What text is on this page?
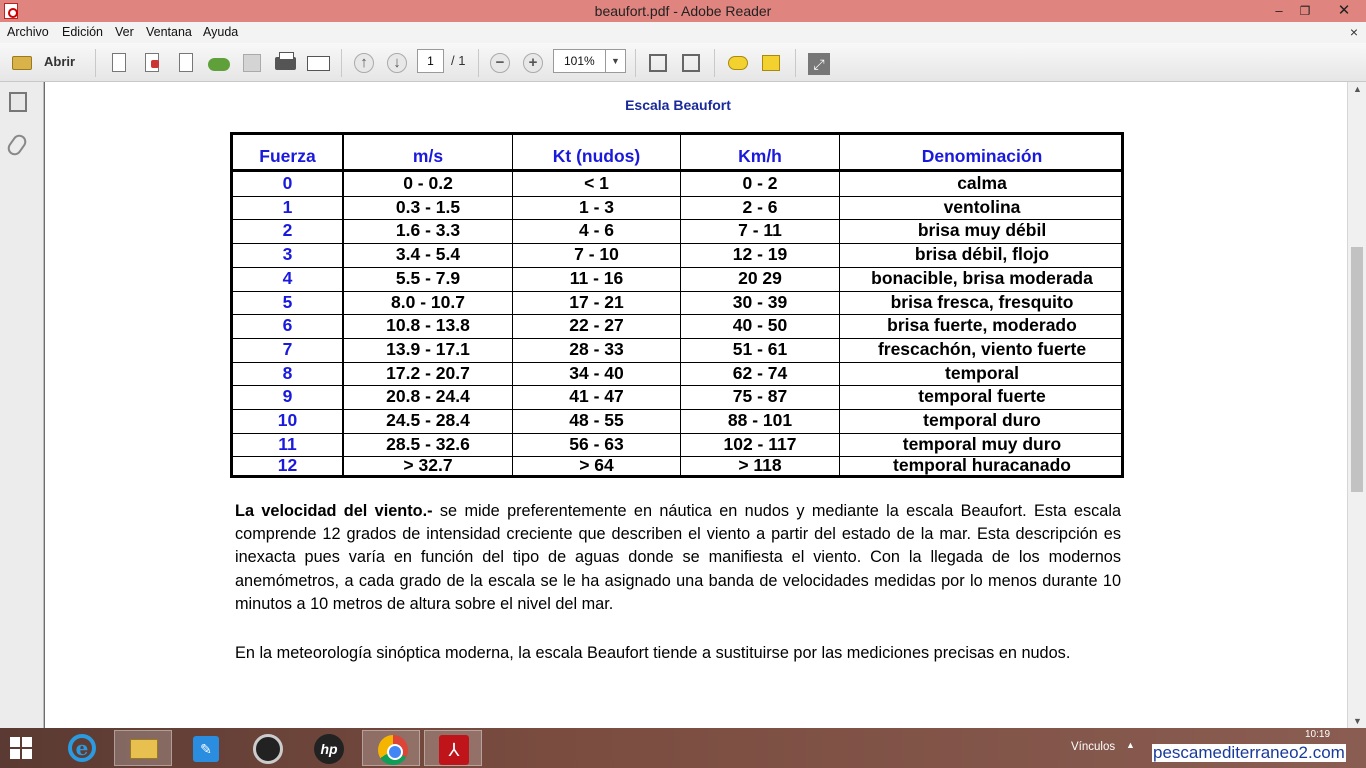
beaufort.pdf - Adobe Reader	‒	❐	✕
Archivo Edición Ver Ventana Ayuda	×
Abrir	↑	↓	−	+	⤢
1	/ 1	101%	▼
Escala Beaufort
Fuerza	m/s	Kt (nudos)	Km/h	Denominación
0	0 - 0.2	< 1	0 - 2	calma
1	0.3 - 1.5	1 - 3	2 - 6	ventolina
2	1.6 - 3.3	4 - 6	7 - 11	brisa muy débil
3	3.4 - 5.4	7 - 10	12 - 19	brisa débil, flojo
4	5.5 - 7.9	11 - 16	20 29	bonacible, brisa moderada
5	8.0 - 10.7	17 - 21	30 - 39	brisa fresca, fresquito
6	10.8 - 13.8	22 - 27	40 - 50	brisa fuerte, moderado
7	13.9 - 17.1	28 - 33	51 - 61	frescachón, viento fuerte
8	17.2 - 20.7	34 - 40	62 - 74	temporal
9	20.8 - 24.4	41 - 47	75 - 87	temporal fuerte
10	24.5 - 28.4	48 - 55	88 - 101	temporal duro
11	28.5 - 32.6	56 - 63	102 - 117	temporal muy duro
12	> 32.7	> 64	> 118	temporal huracanado

La velocidad del viento.- se mide preferentemente en náutica en nudos y mediante la escala Beaufort. Esta escala comprende 12 grados de intensidad creciente que describen el viento a partir del estado de la mar. Esta descripción es inexacta pues varía en función del tipo de aguas donde se manifiesta el viento. Con la llegada de los modernos anemómetros, a cada grado de la escala se le ha asignado una banda de velocidades medidas por lo menos durante 10 minutos a 10 metros de altura sobre el nivel del mar.

En la meteorología sinóptica moderna, la escala Beaufort tiende a sustituirse por las mediciones precisas en nudos.

▲
▼
e	✎	hp	⅄	Vínculos ▲
10:19
pescamediterraneo2.com
